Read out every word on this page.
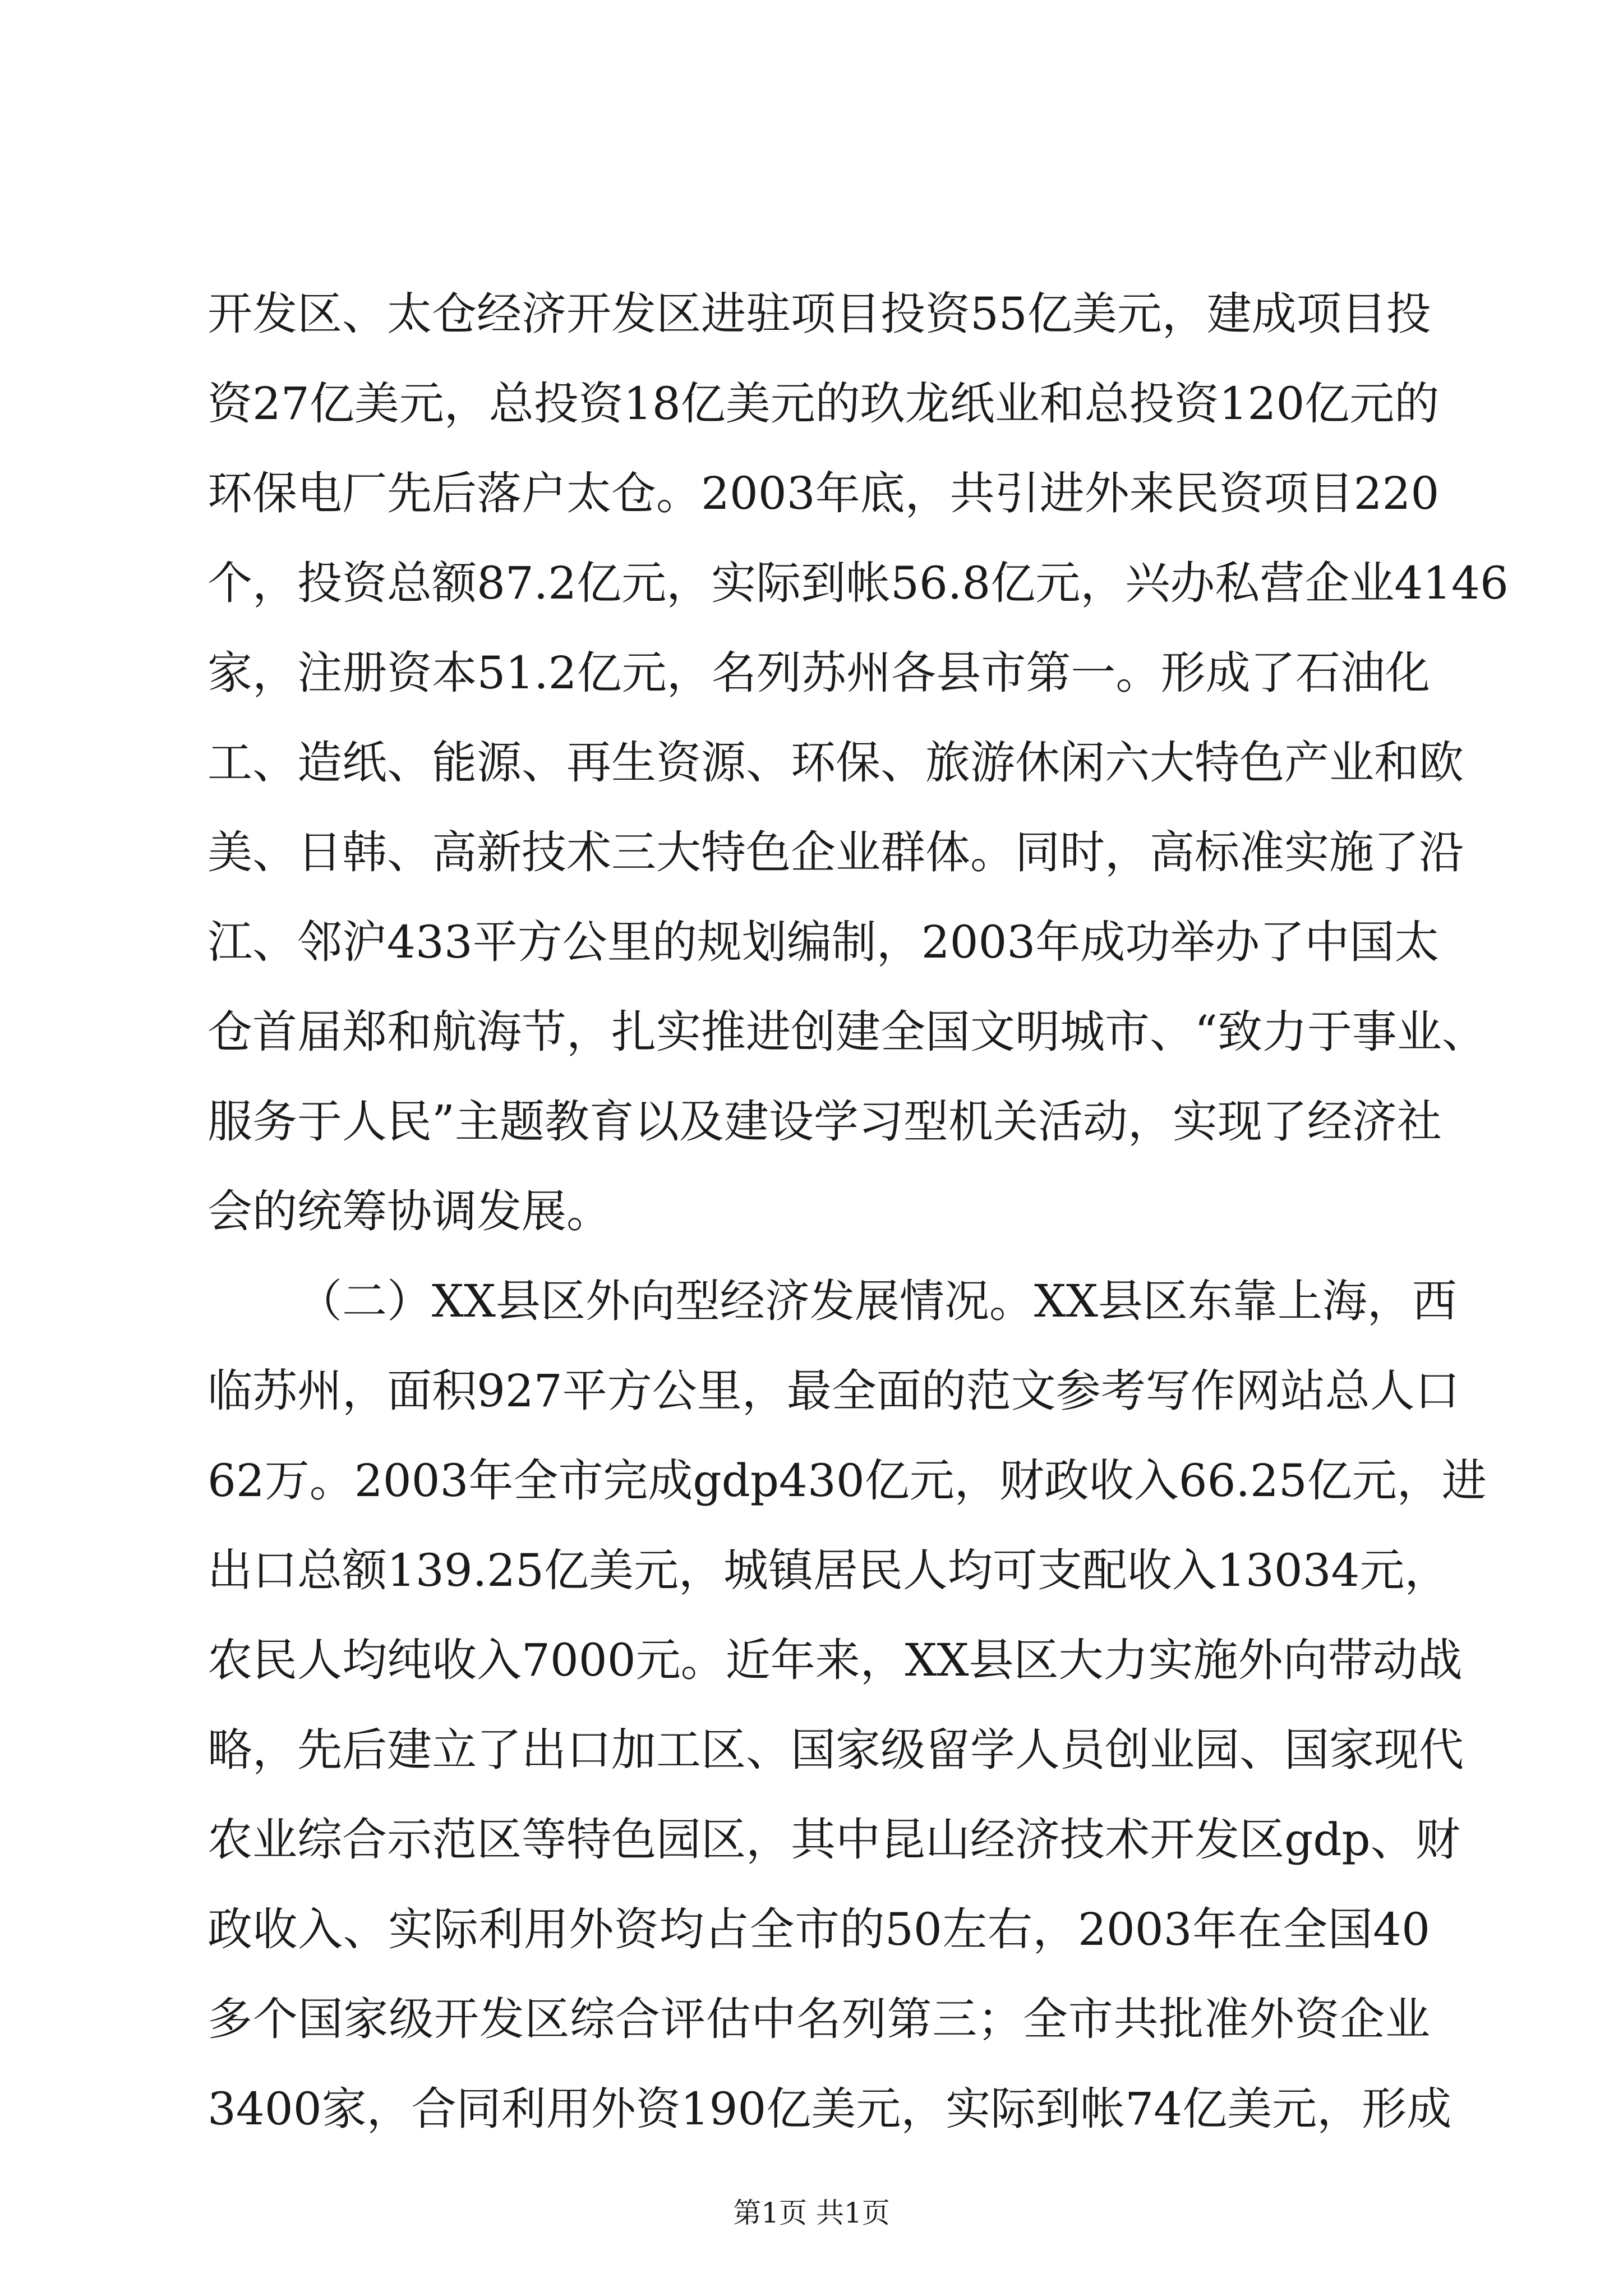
开发区、太仓经济开发区进驻项目投资55亿美元，建成项目投
资27亿美元，总投资18亿美元的玖龙纸业和总投资120亿元的
环保电厂先后落户太仓。2003年底，共引进外来民资项目220
个，投资总额87.2亿元，实际到帐56.8亿元，兴办私营企业4146
家，注册资本51.2亿元，名列苏州各县市第一。形成了石油化
工、造纸、能源、再生资源、环保、旅游休闲六大特色产业和欧
美、日韩、高新技术三大特色企业群体。同时，高标准实施了沿
江、邻沪433平方公里的规划编制，2003年成功举办了中国太
仓首届郑和航海节，扎实推进创建全国文明城市、“致力于事业、
服务于人民”主题教育以及建设学习型机关活动，实现了经济社
会的统筹协调发展。
（二）XX县区外向型经济发展情况。XX县区东靠上海，西
临苏州，面积927平方公里，最全面的范文参考写作网站总人口
62万。2003年全市完成gdp430亿元，财政收入66.25亿元，进
出口总额139.25亿美元，城镇居民人均可支配收入13034元，
农民人均纯收入7000元。近年来，XX县区大力实施外向带动战
略，先后建立了出口加工区、国家级留学人员创业园、国家现代
农业综合示范区等特色园区，其中昆山经济技术开发区gdp、财
政收入、实际利用外资均占全市的50左右，2003年在全国40
多个国家级开发区综合评估中名列第三；全市共批准外资企业
3400家，合同利用外资190亿美元，实际到帐74亿美元，形成
第1页 共1页
